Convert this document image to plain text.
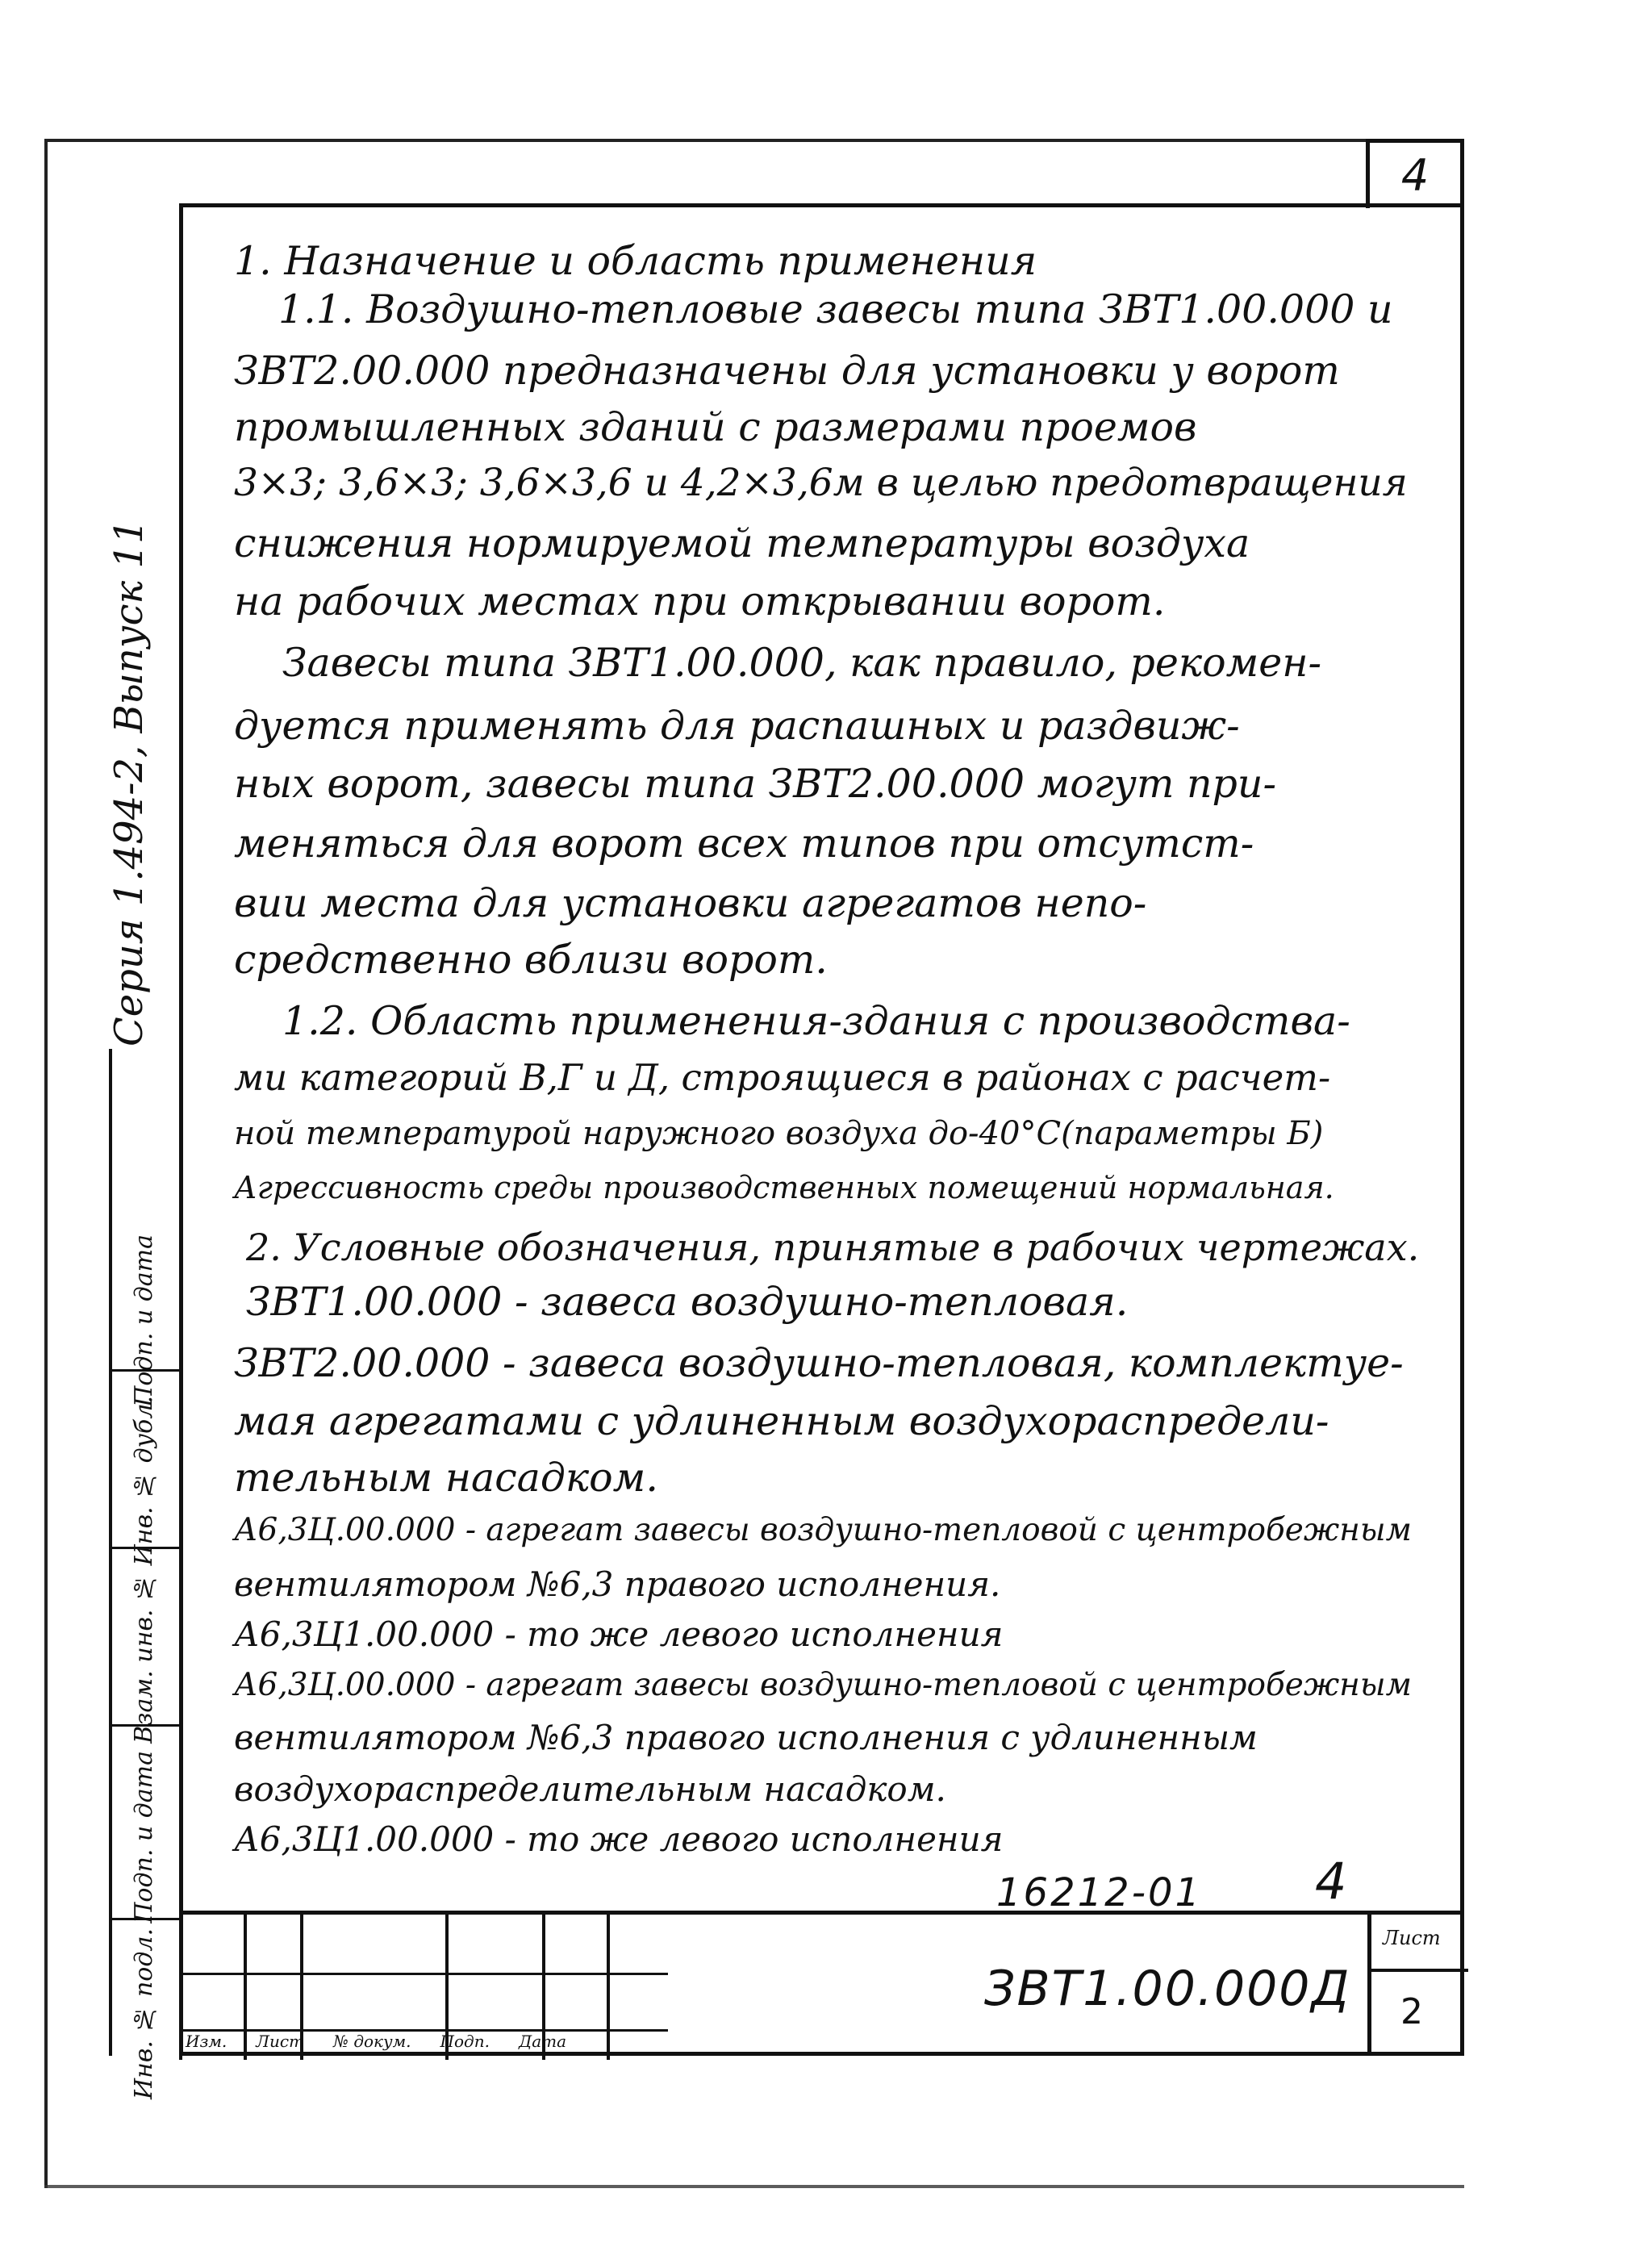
4
Серия 1.494-2, Выпуск 11
Подп. и дата
Инв. № дубл.
Взам. инв. №
Подп. и дата
Инв. № подл.
1. Назначение и область применения
1.1. Воздушно-тепловые завесы типа ЗВТ1.00.000 и
ЗВТ2.00.000 предназначены для установки у ворот
промышленных зданий с размерами проемов
3×3; 3,6×3; 3,6×3,6 и 4,2×3,6м в целью предотвращения
снижения нормируемой температуры воздуха
на рабочих местах при открывании ворот.
Завесы типа ЗВТ1.00.000, как правило, рекомен-
дуется применять для распашных и раздвиж-
ных ворот, завесы типа ЗВТ2.00.000 могут при-
меняться для ворот всех типов при отсутст-
вии места для установки агрегатов непо-
средственно вблизи ворот.
1.2. Область применения-здания с производства-
ми категорий В,Г и Д, строящиеся в районах с расчет-
ной температурой наружного воздуха до-40°С(параметры Б)
Агрессивность среды производственных помещений нормальная.
2. Условные обозначения, принятые в рабочих чертежах.
ЗВТ1.00.000 - завеса воздушно-тепловая.
ЗВТ2.00.000 - завеса воздушно-тепловая, комплектуе-
мая агрегатами с удлиненным воздухораспредели-
тельным насадком.
А6,3Ц.00.000 - агрегат завесы воздушно-тепловой с центробежным
вентилятором №6,3 правого исполнения.
А6,3Ц1.00.000 - то же левого исполнения
А6,3Ц.00.000 - агрегат завесы воздушно-тепловой с центробежным
вентилятором №6,3 правого исполнения с удлиненным
воздухораспределительным насадком.
А6,3Ц1.00.000 - то же левого исполнения
16212-01 4
Изм. Лист № докум. Подп. Дата
ЗВТ1.00.000Д
Лист
2
